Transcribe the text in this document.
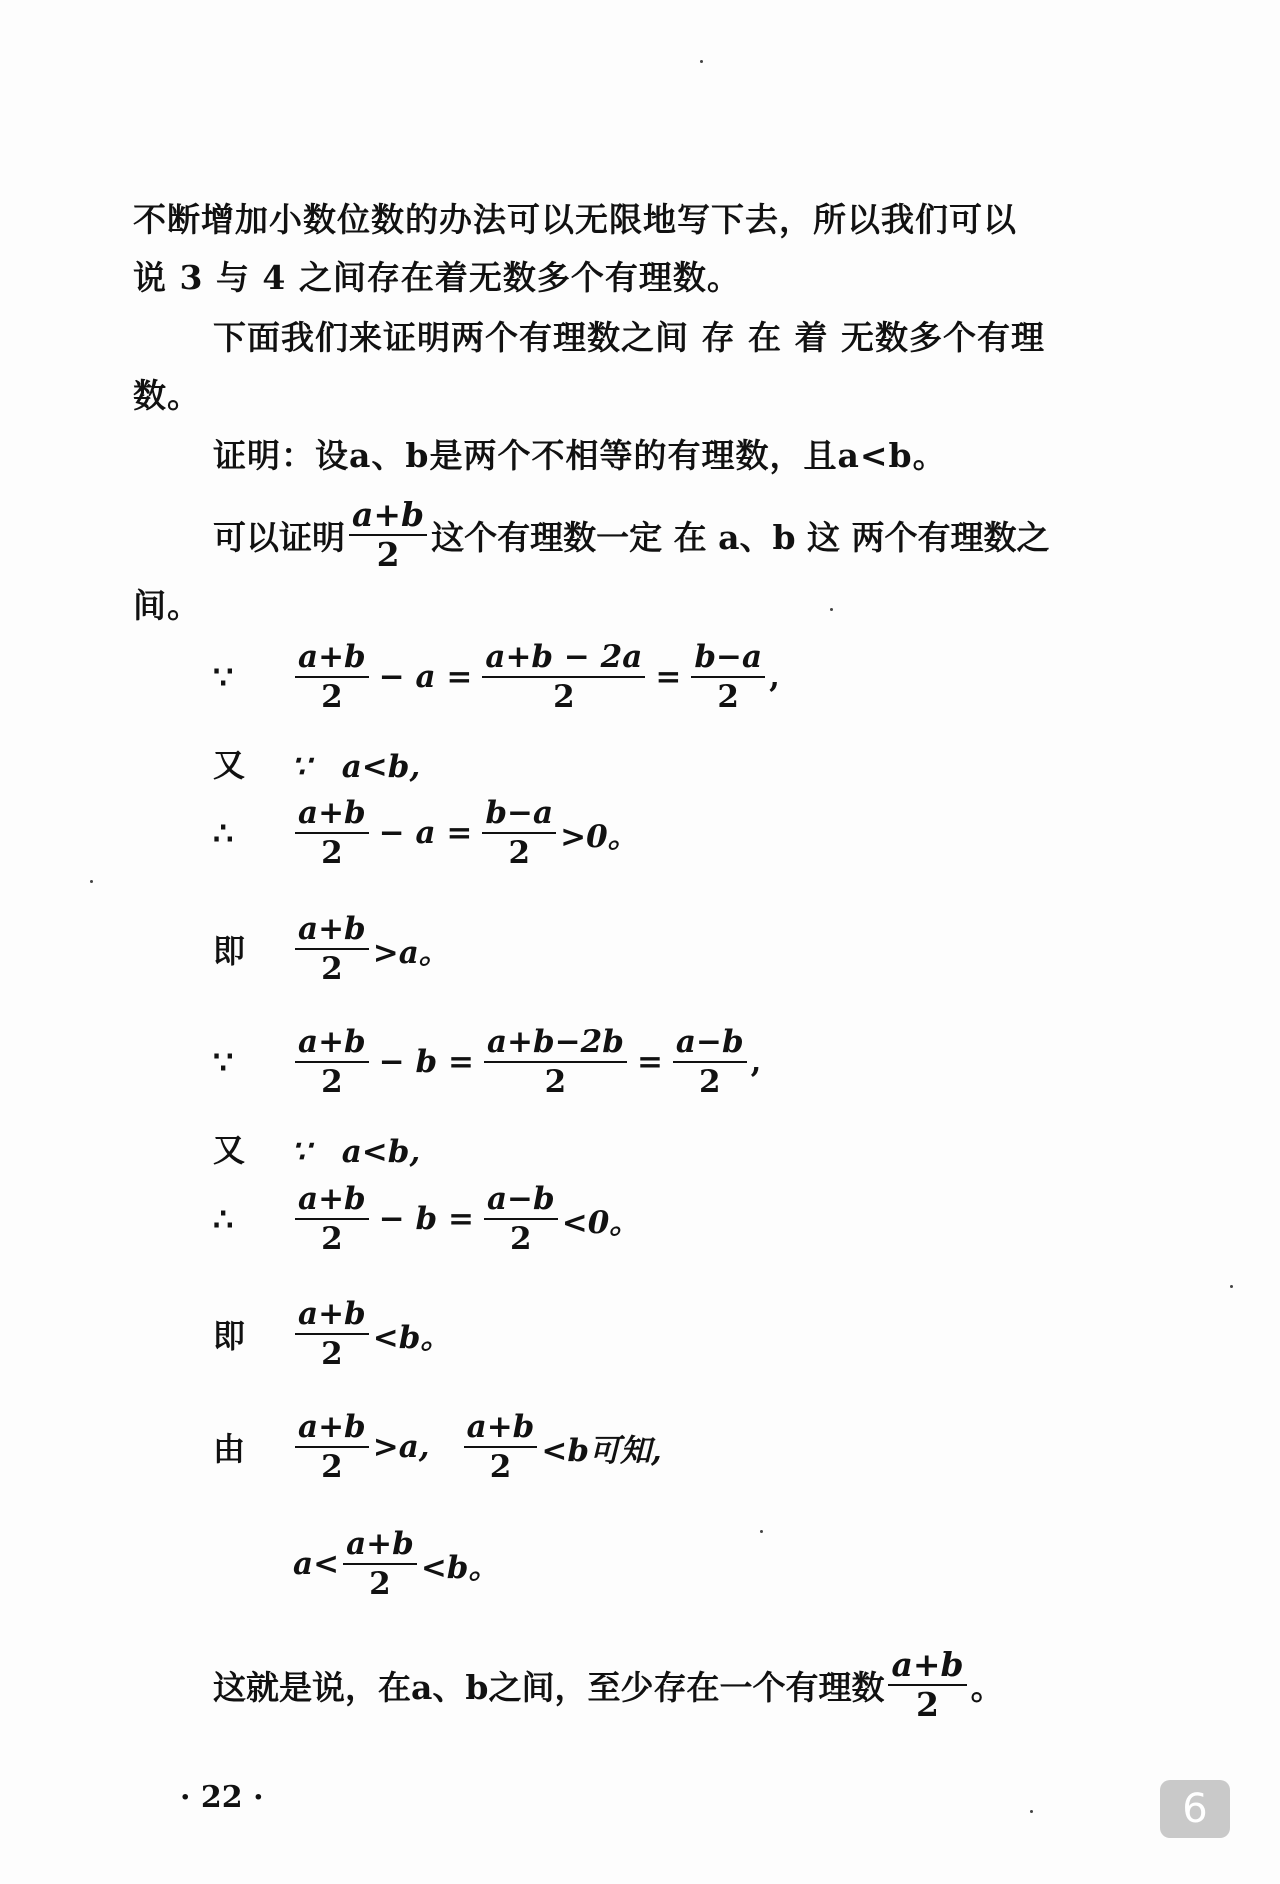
不断增加小数位数的办法可以无限地写下去，所以我们可以
说 3 与 4 之间存在着无数多个有理数。
下面我们来证明两个有理数之间 存 在 着 无数多个有理
数。
证明：设a、b是两个不相等的有理数，且a<b。
可以证明 $\frac{a+b}{2}$ 这个有理数一定 在 a、b 这 两个有理数之
间。
∵	$\frac{a+b}{2} - a = \frac{a+b - 2a}{2} = \frac{b-a}{2}$ ,
又	∵　a<b,
∴	$\frac{a+b}{2} - a = \frac{b-a}{2} >0$。
即	$\frac{a+b}{2} >a$。
∵	$\frac{a+b}{2} - b = \frac{a+b-2b}{2} = \frac{a-b}{2}$ ,
又	∵　a<b,
∴	$\frac{a+b}{2} - b = \frac{a-b}{2} <0$。
即	$\frac{a+b}{2} <b$。
由	$\frac{a+b}{2} >a$, $\frac{a+b}{2} <b$可知,
$a< \frac{a+b}{2} <b$。
这就是说，在a、b之间，至少存在一个有理数 $\frac{a+b}{2}$ 。
· 22 ·	6
